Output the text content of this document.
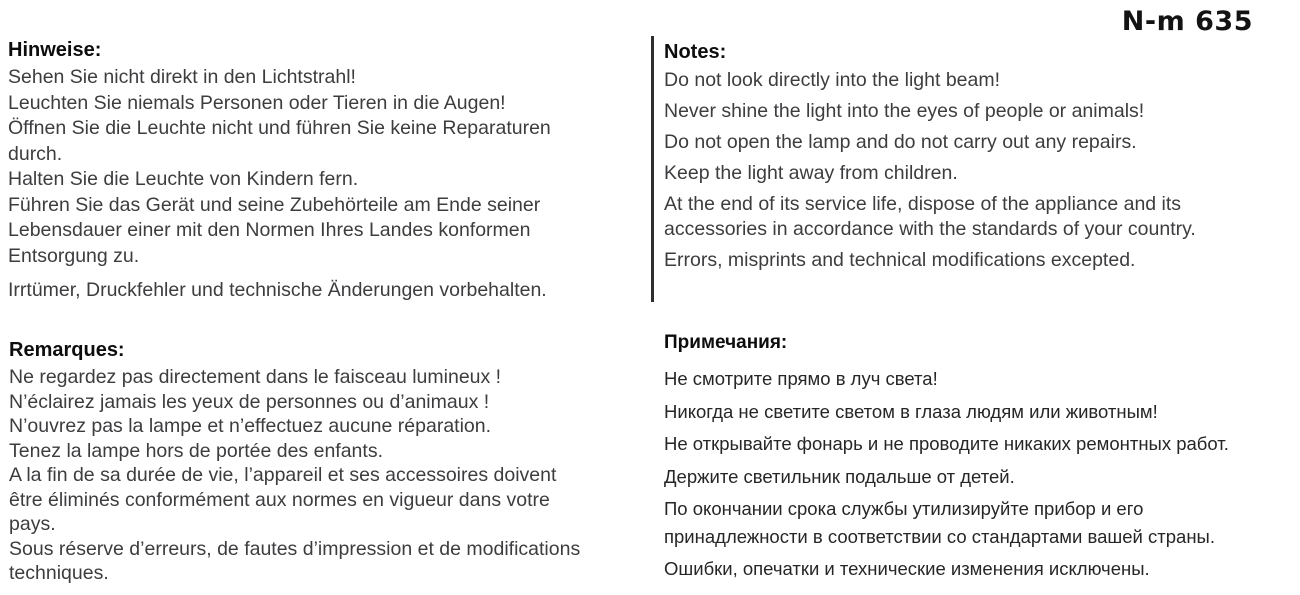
N-m 635
Hinweise:
Sehen Sie nicht direkt in den Lichtstrahl!
Leuchten Sie niemals Personen oder Tieren in die Augen!
Öffnen Sie die Leuchte nicht und führen Sie keine Reparaturen
durch.
Halten Sie die Leuchte von Kindern fern.
Führen Sie das Gerät und seine Zubehörteile am Ende seiner
Lebensdauer einer mit den Normen Ihres Landes konformen
Entsorgung zu.
Irrtümer, Druckfehler und technische Änderungen vorbehalten.
Notes:
Do not look directly into the light beam!
Never shine the light into the eyes of people or animals!
Do not open the lamp and do not carry out any repairs.
Keep the light away from children.
At the end of its service life, dispose of the appliance and its
accessories in accordance with the standards of your country.
Errors, misprints and technical modifications excepted.
Remarques:
Ne regardez pas directement dans le faisceau lumineux !
N’éclairez jamais les yeux de personnes ou d’animaux !
N’ouvrez pas la lampe et n’effectuez aucune réparation.
Tenez la lampe hors de portée des enfants.
A la fin de sa durée de vie, l’appareil et ses accessoires doivent
être éliminés conformément aux normes en vigueur dans votre
pays.
Sous réserve d’erreurs, de fautes d’impression et de modifications
techniques.
Примечания:
Не смотрите прямо в луч света!
Никогда не светите светом в глаза людям или животным!
Не открывайте фонарь и не проводите никаких ремонтных работ.
Держите светильник подальше от детей.
По окончании срока службы утилизируйте прибор и его
принадлежности в соответствии со стандартами вашей страны.
Ошибки, опечатки и технические изменения исключены.
